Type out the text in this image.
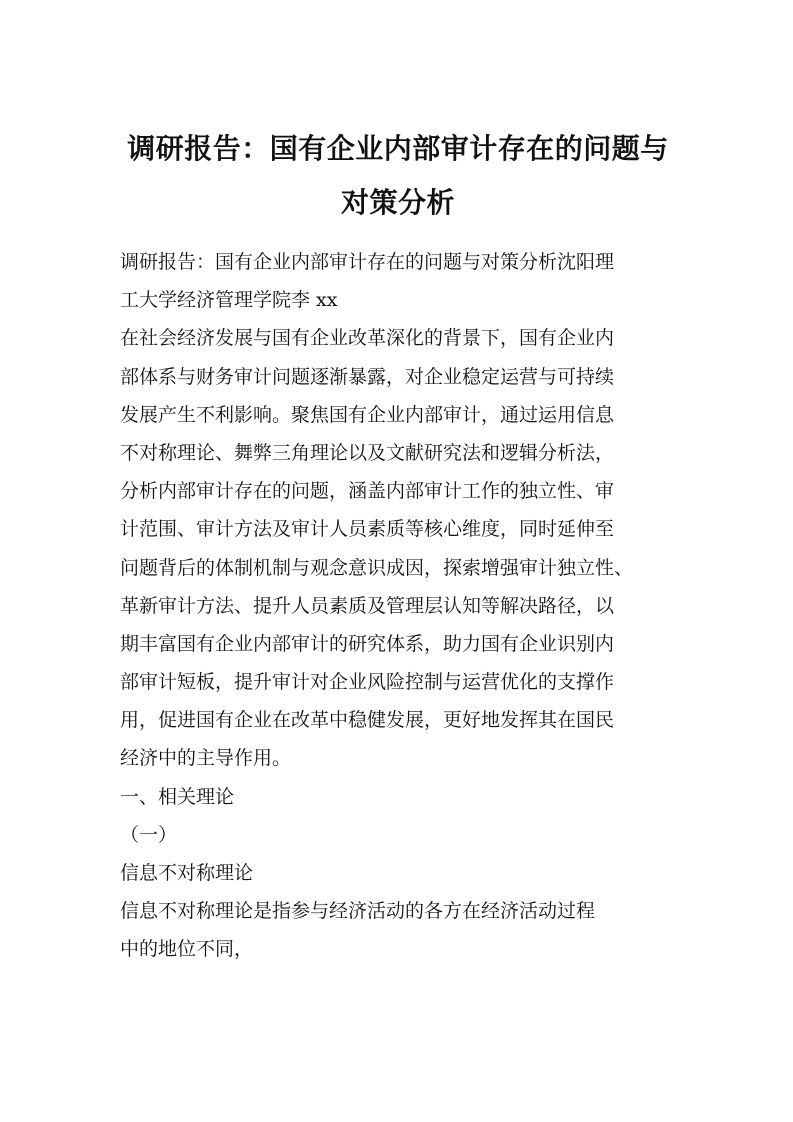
调研报告：国有企业内部审计存在的问题与
对策分析
调研报告：国有企业内部审计存在的问题与对策分析沈阳理
工大学经济管理学院李 xx
在社会经济发展与国有企业改革深化的背景下，国有企业内
部体系与财务审计问题逐渐暴露，对企业稳定运营与可持续
发展产生不利影响。聚焦国有企业内部审计，通过运用信息
不对称理论、舞弊三角理论以及文献研究法和逻辑分析法，
分析内部审计存在的问题，涵盖内部审计工作的独立性、审
计范围、审计方法及审计人员素质等核心维度，同时延伸至
问题背后的体制机制与观念意识成因，探索增强审计独立性、
革新审计方法、提升人员素质及管理层认知等解决路径，以
期丰富国有企业内部审计的研究体系，助力国有企业识别内
部审计短板，提升审计对企业风险控制与运营优化的支撑作
用，促进国有企业在改革中稳健发展，更好地发挥其在国民
经济中的主导作用。
一、相关理论
（一）
信息不对称理论
信息不对称理论是指参与经济活动的各方在经济活动过程
中的地位不同，
